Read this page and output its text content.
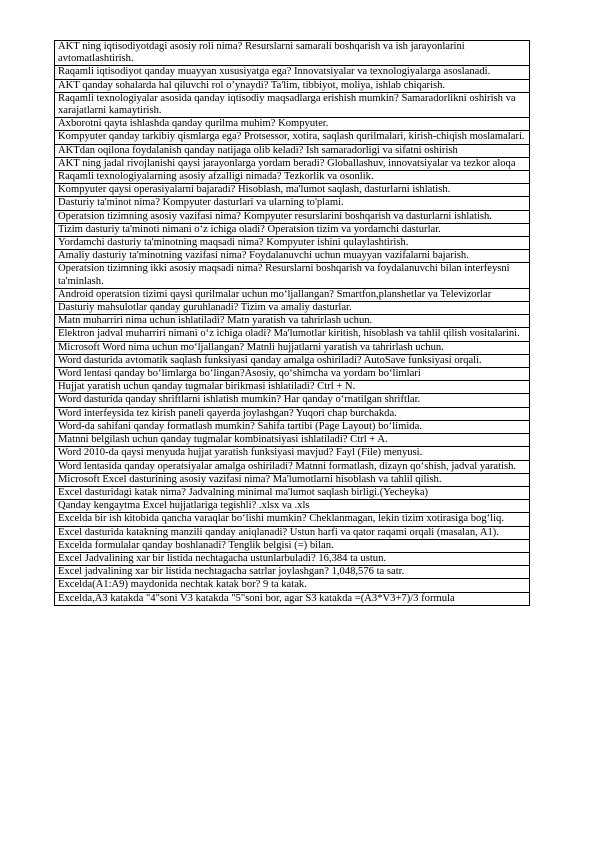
AKT ning iqtisodiyotdagi asosiy roli nima? Resurslarni samarali boshqarish va ish jarayonlarini avtomatlashtirish.
Raqamli iqtisodiyot qanday muayyan xususiyatga ega? Innovatsiyalar va texnologiyalarga asoslanadi.
AKT qanday sohalarda hal qiluvchi rol o’ynaydi? Ta'lim, tibbiyot, moliya, ishlab chiqarish.
Raqamli texnologiyalar asosida qanday iqtisodiy maqsadlarga erishish mumkin? Samaradorlikni oshirish va xarajatlarni kamaytirish.
Axborotni qayta ishlashda qanday qurilma muhim? Kompyuter.
Kompyuter qanday tarkibiy qismlarga ega? Protsessor, xotira, saqlash qurilmalari, kirish-chiqish moslamalari.
AKTdan oqilona foydalanish qanday natijaga olib keladi? Ish samaradorligi va sifatni oshirish
AKT ning jadal rivojlanishi qaysi jarayonlarga yordam beradi? Globallashuv, innovatsiyalar va tezkor aloqa
Raqamli texnologiyalarning asosiy afzalligi nimada? Tezkorlik va osonlik.
Kompyuter qaysi operasiyalarni bajaradi? Hisoblash, ma'lumot saqlash, dasturlarni ishlatish.
Dasturiy ta'minot nima? Kompyuter dasturlari va ularning to'plami.
Operatsion tizimning asosiy vazifasi nima? Kompyuter resurslarini boshqarish va dasturlarni ishlatish.
Tizim dasturiy ta'minoti nimani o‘z ichiga oladi? Operatsion tizim va yordamchi dasturlar.
Yordamchi dasturiy ta'minotning maqsadi nima? Kompyuter ishini qulaylashtirish.
Amaliy dasturiy ta'minotning vazifasi nima? Foydalanuvchi uchun muayyan vazifalarni bajarish.
Operatsion tizimning ikki asosiy maqsadi nima? Resurslarni boshqarish va foydalanuvchi bilan interfeysni ta'minlash.
Android operatsion tizimi qaysi qurilmalar uchun mo‘ljallangan? Smartfon,planshetlar va Televizorlar
Dasturiy mahsulotlar qanday guruhlanadi? Tizim va amaliy dasturlar.
Matn muharriri nima uchun ishlatiladi? Matn yaratish va tahrirlash uchun.
Elektron jadval muharriri nimani o‘z ichiga oladi? Ma'lumotlar kiritish, hisoblash va tahlil qilish vositalarini.
Microsoft Word nima uchun mo‘ljallangan? Matnli hujjatlarni yaratish va tahrirlash uchun.
Word dasturida avtomatik saqlash funksiyasi qanday amalga oshiriladi? AutoSave funksiyasi orqali.
Word lentasi qanday bo‘limlarga bo‘lingan?Asosiy, qo‘shimcha va yordam bo‘limlari
Hujjat yaratish uchun qanday tugmalar birikmasi ishlatiladi? Ctrl + N.
Word dasturida qanday shriftlarni ishlatish mumkin? Har qanday o‘rnatilgan shriftlar.
Word interfeysida tez kirish paneli qayerda joylashgan? Yuqori chap burchakda.
Word-da sahifani qanday formatlash mumkin? Sahifa tartibi (Page Layout) bo‘limida.
Matnni belgilash uchun qanday tugmalar kombinatsiyasi ishlatiladi? Ctrl + A.
Word 2010-da qaysi menyuda hujjat yaratish funksiyasi mavjud? Fayl (File) menyusi.
Word lentasida qanday operatsiyalar amalga oshiriladi? Matnni formatlash, dizayn qo‘shish, jadval yaratish.
Microsoft Excel dasturining asosiy vazifasi nima? Ma'lumotlarni hisoblash va tahlil qilish.
Excel dasturidagi katak nima? Jadvalning minimal ma'lumot saqlash birligi.(Yecheyka)
Qanday kengaytma Excel hujjatlariga tegishli? .xlsx va .xls
Excelda bir ish kitobida qancha varaqlar bo‘lishi mumkin? Cheklanmagan, lekin tizim xotirasiga bog‘liq.
Excel dasturida katakning manzili qanday aniqlanadi? Ustun harfi va qator raqami orqali (masalan, A1).
Excelda formulalar qanday boshlanadi? Tenglik belgisi (=) bilan.
Excel Jadvalining xar bir listida nechtagacha ustunlarbuladi? 16,384 ta ustun.
Excel jadvalining xar bir listida nechtagacha satrlar joylashgan? 1,048,576 ta satr.
Excelda(A1:A9) maydonida nechtak katak bor? 9 ta katak.
Excelda,A3 katakda "4"soni V3 katakda "5"soni bor, agar S3 katakda =(A3*V3+7)/3 formula
